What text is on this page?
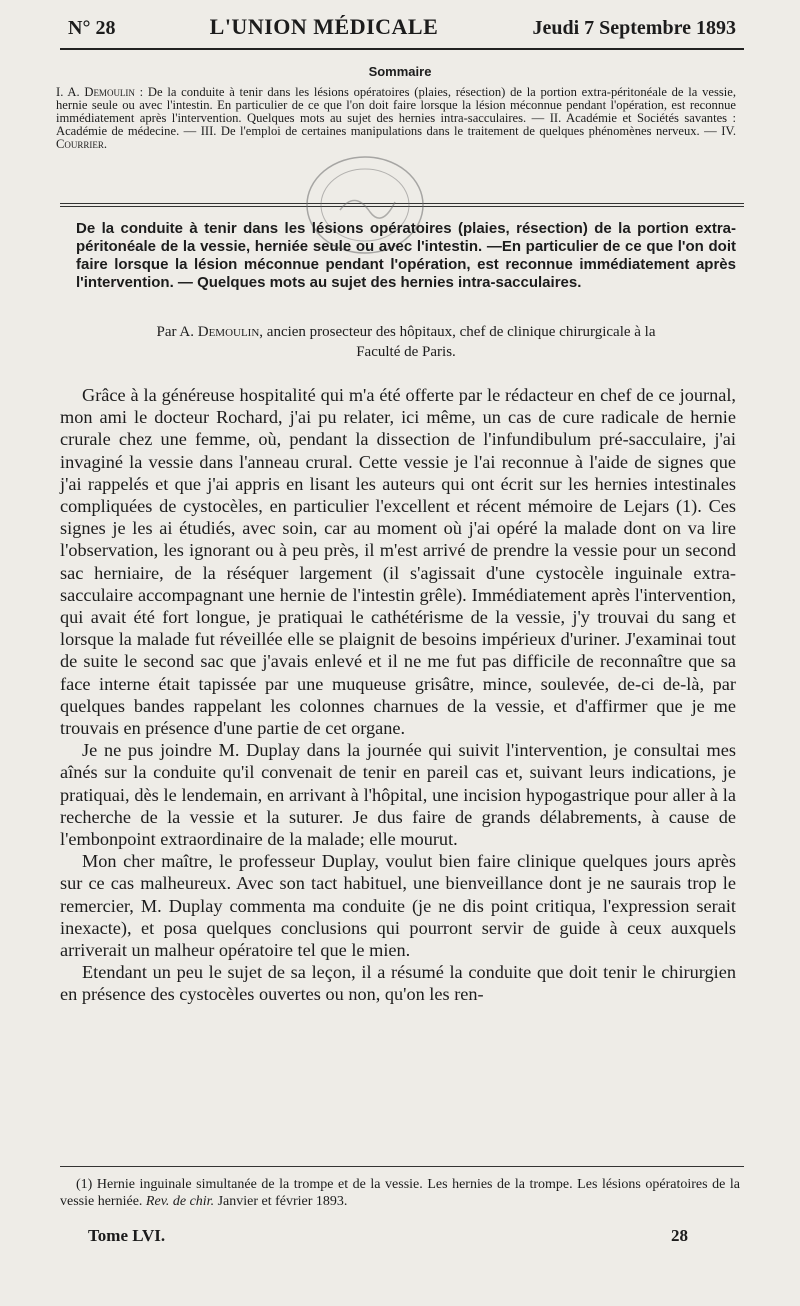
N° 28	L'UNION MÉDICALE	Jeudi 7 Septembre 1893
Sommaire
I. A. Demoulin : De la conduite à tenir dans les lésions opératoires (plaies, résection) de la portion extra-péritonéale de la vessie, hernie seule ou avec l'intestin. En particulier de ce que l'on doit faire lorsque la lésion méconnue pendant l'opération, est reconnue immédiatement après l'intervention. Quelques mots au sujet des hernies intra-sacculaires. — II. Académie et Sociétés savantes : Académie de médecine. — III. De l'emploi de certaines manipulations dans le traitement de quelques phénomènes nerveux. — IV. Courrier.
De la conduite à tenir dans les lésions opératoires (plaies, résection) de la portion extra-péritonéale de la vessie, herniée seule ou avec l'intestin. —En particulier de ce que l'on doit faire lorsque la lésion méconnue pendant l'opération, est reconnue immédiatement après l'intervention. — Quelques mots au sujet des hernies intra-sacculaires.
Par A. Demoulin, ancien prosecteur des hôpitaux, chef de clinique chirurgicale à la
Faculté de Paris.

Grâce à la généreuse hospitalité qui m'a été offerte par le rédacteur en chef de ce journal, mon ami le docteur Rochard, j'ai pu relater, ici même, un cas de cure radicale de hernie crurale chez une femme, où, pendant la dissection de l'infundibulum pré-sacculaire, j'ai invaginé la vessie dans l'anneau crural. Cette vessie je l'ai reconnue à l'aide de signes que j'ai rappelés et que j'ai appris en lisant les auteurs qui ont écrit sur les hernies intestinales compliquées de cystocèles, en particulier l'excellent et récent mémoire de Lejars (1). Ces signes je les ai étudiés, avec soin, car au moment où j'ai opéré la malade dont on va lire l'observation, les ignorant ou à peu près, il m'est arrivé de prendre la vessie pour un second sac herniaire, de la réséquer largement (il s'agissait d'une cystocèle inguinale extra-sacculaire accompagnant une hernie de l'intestin grêle). Immédiatement après l'intervention, qui avait été fort longue, je pratiquai le cathétérisme de la vessie, j'y trouvai du sang et lorsque la malade fut réveillée elle se plaignit de besoins impérieux d'uriner. J'examinai tout de suite le second sac que j'avais enlevé et il ne me fut pas difficile de reconnaître que sa face interne était tapissée par une muqueuse grisâtre, mince, soulevée, de-ci de-là, par quelques bandes rappelant les colonnes charnues de la vessie, et d'affirmer que je me trouvais en présence d'une partie de cet organe.

Je ne pus joindre M. Duplay dans la journée qui suivit l'intervention, je consultai mes aînés sur la conduite qu'il convenait de tenir en pareil cas et, suivant leurs indications, je pratiquai, dès le lendemain, en arrivant à l'hôpital, une incision hypogastrique pour aller à la recherche de la vessie et la suturer. Je dus faire de grands délabrements, à cause de l'embonpoint extraordinaire de la malade; elle mourut.

Mon cher maître, le professeur Duplay, voulut bien faire clinique quelques jours après sur ce cas malheureux. Avec son tact habituel, une bienveillance dont je ne saurais trop le remercier, M. Duplay commenta ma conduite (je ne dis point critiqua, l'expression serait inexacte), et posa quelques conclusions qui pourront servir de guide à ceux auxquels arriverait un malheur opératoire tel que le mien.

Etendant un peu le sujet de sa leçon, il a résumé la conduite que doit tenir le chirurgien en présence des cystocèles ouvertes ou non, qu'on les ren-

(1) Hernie inguinale simultanée de la trompe et de la vessie. Les hernies de la trompe. Les lésions opératoires de la vessie herniée. Rev. de chir. Janvier et février 1893.

Tome LVI.	28
